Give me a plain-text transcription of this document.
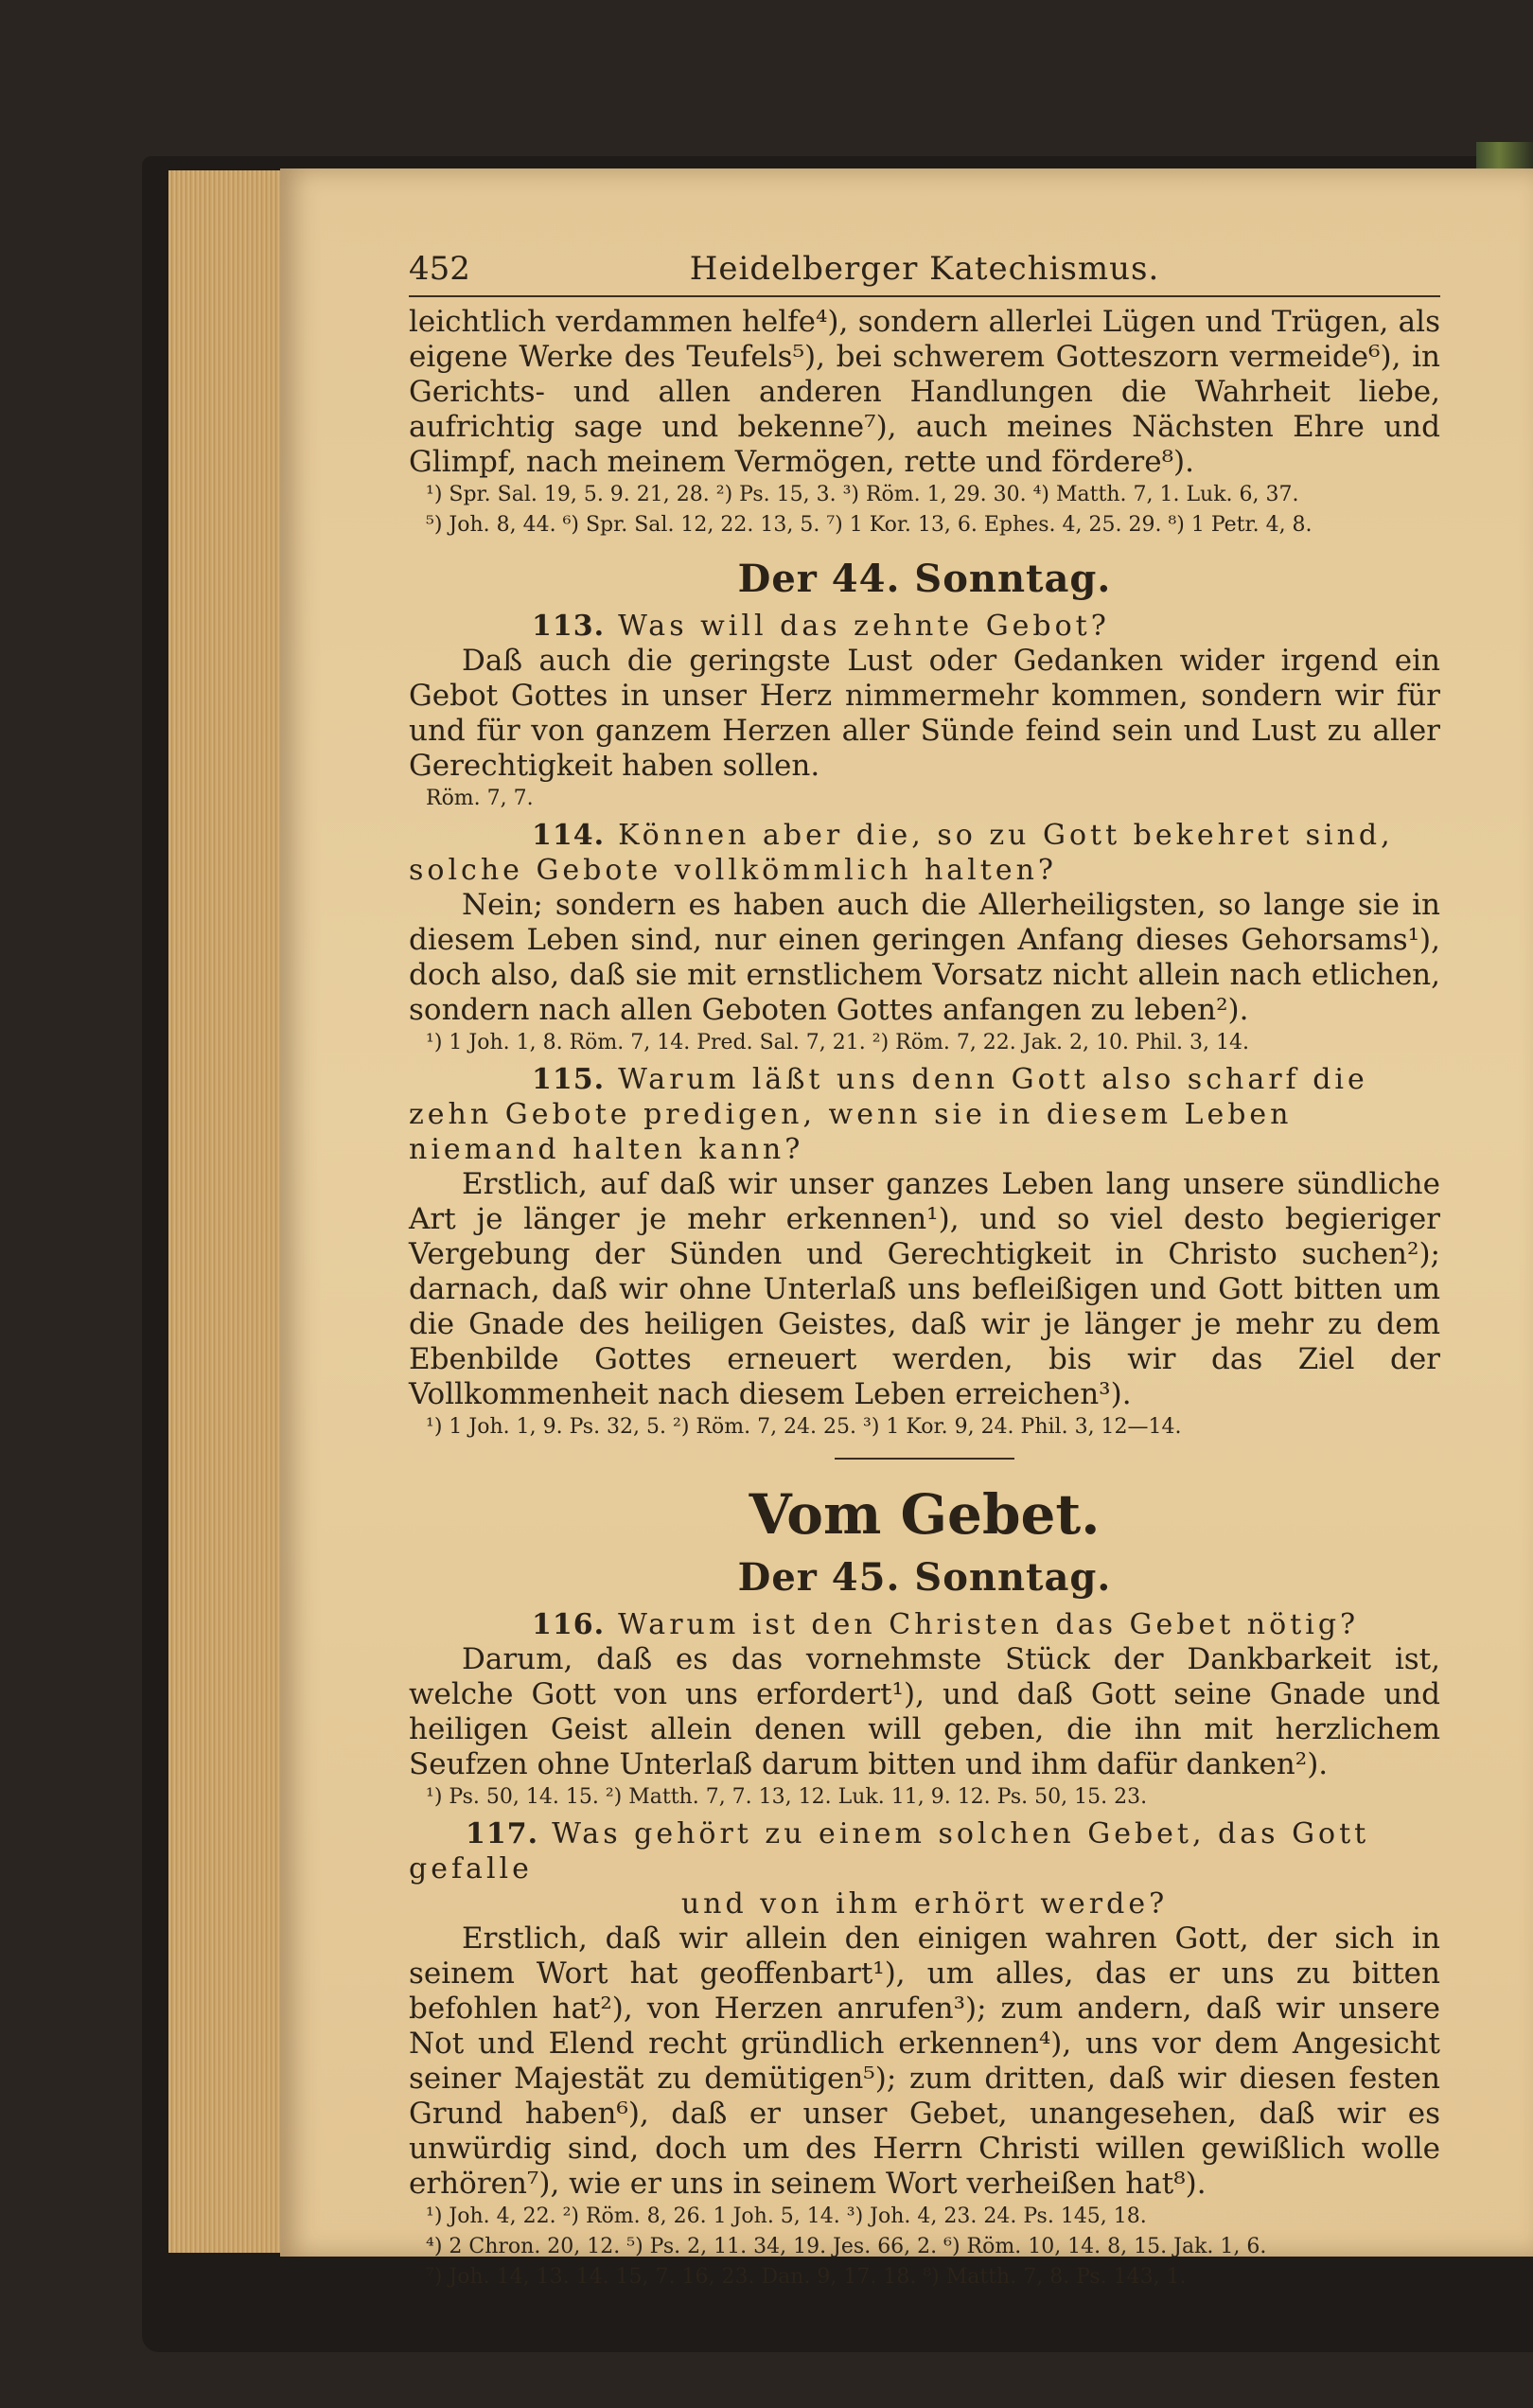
452	Heidelberger Katechismus.

leichtlich verdammen helfe⁴), sondern allerlei Lügen und Trügen, als eigene Werke des Teufels⁵), bei schwerem Gotteszorn vermeide⁶), in Gerichts- und allen anderen Handlungen die Wahrheit liebe, aufrichtig sage und bekenne⁷), auch meines Nächsten Ehre und Glimpf, nach meinem Vermögen, rette und fördere⁸).

¹) Spr. Sal. 19, 5. 9. 21, 28. ²) Ps. 15, 3. ³) Röm. 1, 29. 30. ⁴) Matth. 7, 1. Luk. 6, 37.

⁵) Joh. 8, 44. ⁶) Spr. Sal. 12, 22. 13, 5. ⁷) 1 Kor. 13, 6. Ephes. 4, 25. 29. ⁸) 1 Petr. 4, 8.

Der 44. Sonntag.

113. Was will das zehnte Gebot?

Daß auch die geringste Lust oder Gedanken wider irgend ein Gebot Gottes in unser Herz nimmermehr kommen, sondern wir für und für von ganzem Herzen aller Sünde feind sein und Lust zu aller Gerechtigkeit haben sollen.

Röm. 7, 7.

114. Können aber die, so zu Gott bekehret sind, solche Gebote vollkömmlich halten?

Nein; sondern es haben auch die Allerheiligsten, so lange sie in diesem Leben sind, nur einen geringen Anfang dieses Gehorsams¹), doch also, daß sie mit ernstlichem Vorsatz nicht allein nach etlichen, sondern nach allen Geboten Gottes anfangen zu leben²).

¹) 1 Joh. 1, 8. Röm. 7, 14. Pred. Sal. 7, 21. ²) Röm. 7, 22. Jak. 2, 10. Phil. 3, 14.

115. Warum läßt uns denn Gott also scharf die zehn Gebote predigen, wenn sie in diesem Leben niemand halten kann?

Erstlich, auf daß wir unser ganzes Leben lang unsere sündliche Art je länger je mehr erkennen¹), und so viel desto begieriger Vergebung der Sünden und Gerechtigkeit in Christo suchen²); darnach, daß wir ohne Unterlaß uns befleißigen und Gott bitten um die Gnade des heiligen Geistes, daß wir je länger je mehr zu dem Ebenbilde Gottes erneuert werden, bis wir das Ziel der Vollkommenheit nach diesem Leben erreichen³).

¹) 1 Joh. 1, 9. Ps. 32, 5. ²) Röm. 7, 24. 25. ³) 1 Kor. 9, 24. Phil. 3, 12—14.

Vom Gebet.
Der 45. Sonntag.

116. Warum ist den Christen das Gebet nötig?

Darum, daß es das vornehmste Stück der Dankbarkeit ist, welche Gott von uns erfordert¹), und daß Gott seine Gnade und heiligen Geist allein denen will geben, die ihn mit herzlichem Seufzen ohne Unterlaß darum bitten und ihm dafür danken²).

¹) Ps. 50, 14. 15. ²) Matth. 7, 7. 13, 12. Luk. 11, 9. 12. Ps. 50, 15. 23.

117. Was gehört zu einem solchen Gebet, das Gott gefalle

und von ihm erhört werde?

Erstlich, daß wir allein den einigen wahren Gott, der sich in seinem Wort hat geoffenbart¹), um alles, das er uns zu bitten befohlen hat²), von Herzen anrufen³); zum andern, daß wir unsere Not und Elend recht gründlich erkennen⁴), uns vor dem Angesicht seiner Majestät zu demütigen⁵); zum dritten, daß wir diesen festen Grund haben⁶), daß er unser Gebet, unangesehen, daß wir es unwürdig sind, doch um des Herrn Christi willen gewißlich wolle erhören⁷), wie er uns in seinem Wort verheißen hat⁸).

¹) Joh. 4, 22. ²) Röm. 8, 26. 1 Joh. 5, 14. ³) Joh. 4, 23. 24. Ps. 145, 18.

⁴) 2 Chron. 20, 12. ⁵) Ps. 2, 11. 34, 19. Jes. 66, 2. ⁶) Röm. 10, 14. 8, 15. Jak. 1, 6.

⁷) Joh. 14, 13. 14. 15, 7. 16, 23. Dan. 9, 17. 18. ⁸) Matth. 7, 8. Ps. 143, 1.
